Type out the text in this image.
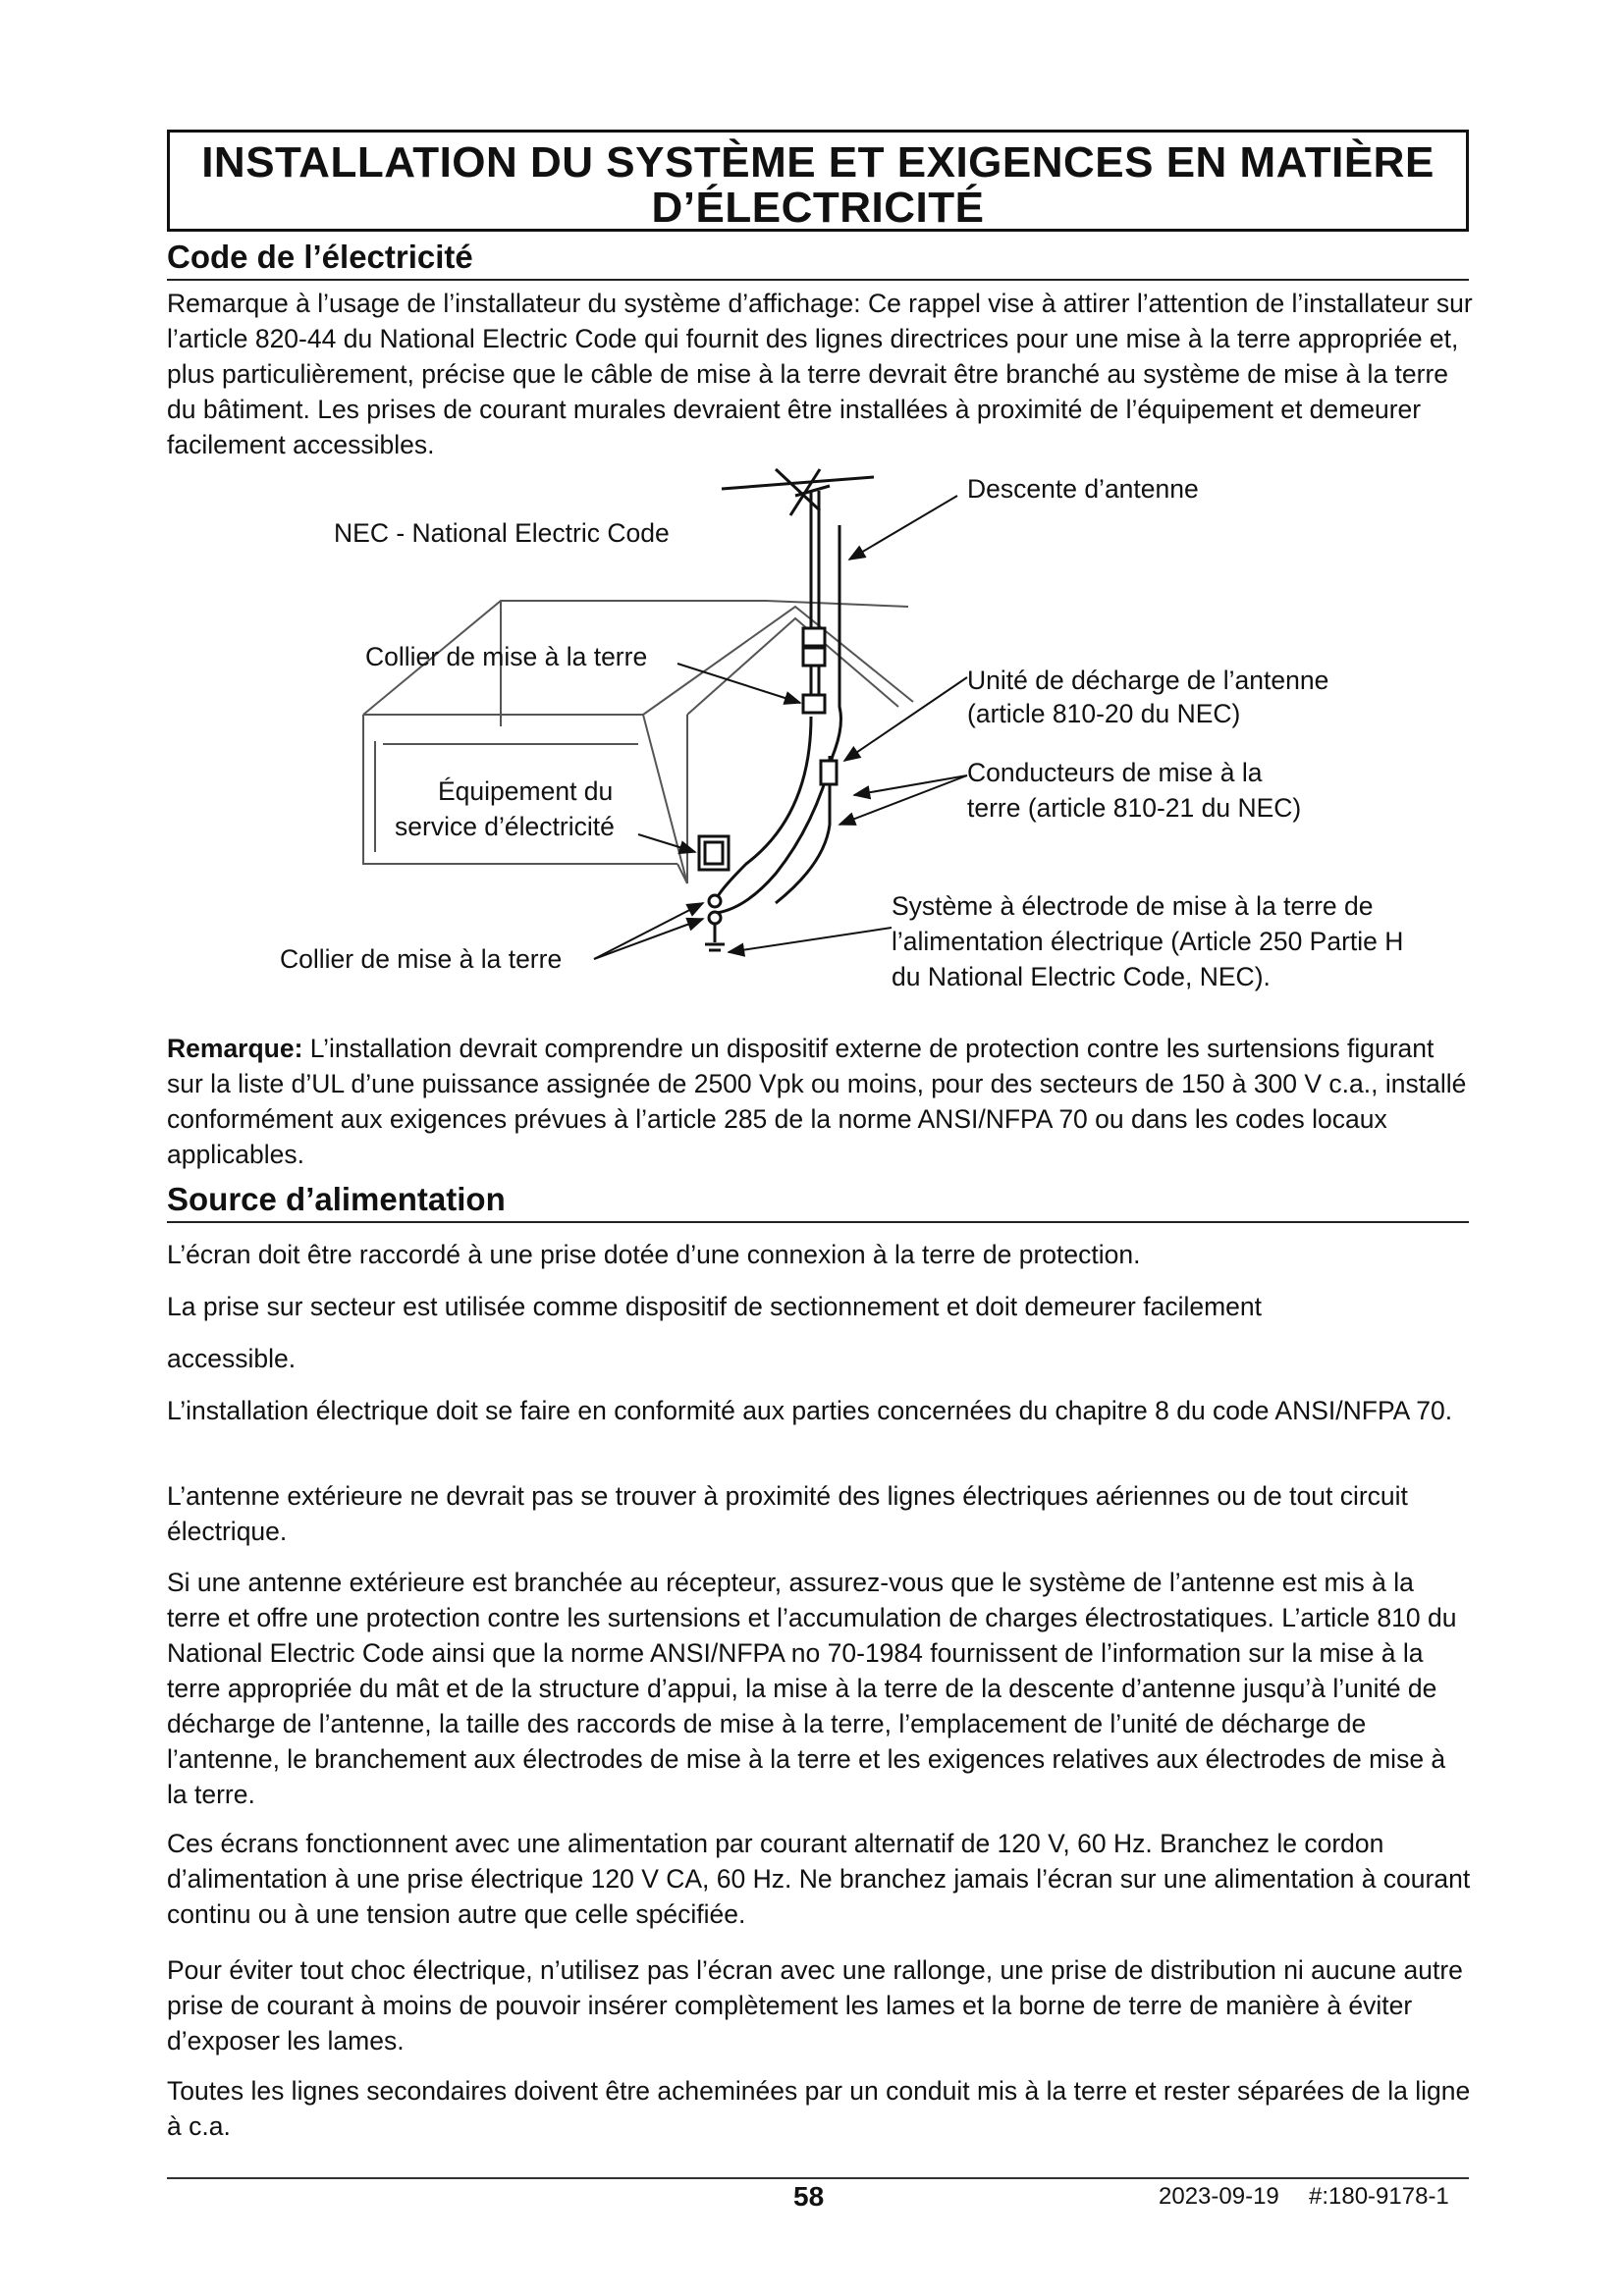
INSTALLATION DU SYSTÈME ET EXIGENCES EN MATIÈRE
D’ÉLECTRICITÉ
Code de l’électricité
Remarque à l’usage de l’installateur du système d’affichage: Ce rappel vise à attirer l’attention de l’installateur sur l’article 820-44 du National Electric Code qui fournit des lignes directrices pour une mise à la terre appropriée et, plus particulièrement, précise que le câble de mise à la terre devrait être branché au système de mise à la terre du bâtiment. Les prises de courant murales devraient être installées à proximité de l’équipement et demeurer facilement accessibles.
Descente d’antenne
NEC - National Electric Code
Collier de mise à la terre
Unité de décharge de l’antenne
(article 810-20 du NEC)
Équipement du
service d’électricité
Conducteurs de mise à la
terre (article 810-21 du NEC)
Système à électrode de mise à la terre de
l’alimentation électrique (Article 250 Partie H
du National Electric Code, NEC).
Collier de mise à la terre
Remarque: L’installation devrait comprendre un dispositif externe de protection contre les surtensions figurant sur la liste d’UL d’une puissance assignée de 2500 Vpk ou moins, pour des secteurs de 150 à 300 V c.a., installé conformément aux exigences prévues à l’article 285 de la norme ANSI/NFPA 70 ou dans les codes locaux applicables.
Source d’alimentation
L’écran doit être raccordé à une prise dotée d’une connexion à la terre de protection.
La prise sur secteur est utilisée comme dispositif de sectionnement et doit demeurer facilement
accessible.
L’installation électrique doit se faire en conformité aux parties concernées du chapitre 8 du code ANSI/NFPA 70.
L’antenne extérieure ne devrait pas se trouver à proximité des lignes électriques aériennes ou de tout circuit électrique.
Si une antenne extérieure est branchée au récepteur, assurez-vous que le système de l’antenne est mis à la terre et offre une protection contre les surtensions et l’accumulation de charges électrostatiques. L’article 810 du National Electric Code ainsi que la norme ANSI/NFPA no 70-1984 fournissent de l’information sur la mise à la terre appropriée du mât et de la structure d’appui, la mise à la terre de la descente d’antenne jusqu’à l’unité de décharge de l’antenne, la taille des raccords de mise à la terre, l’emplacement de l’unité de décharge de l’antenne, le branchement aux électrodes de mise à la terre et les exigences relatives aux électrodes de mise à la terre.
Ces écrans fonctionnent avec une alimentation par courant alternatif de 120 V, 60 Hz. Branchez le cordon d’alimentation à une prise électrique 120 V CA, 60 Hz. Ne branchez jamais l’écran sur une alimentation à courant continu ou à une tension autre que celle spécifiée.
Pour éviter tout choc électrique, n’utilisez pas l’écran avec une rallonge, une prise de distribution ni aucune autre prise de courant à moins de pouvoir insérer complètement les lames et la borne de terre de manière à éviter d’exposer les lames.
Toutes les lignes secondaires doivent être acheminées par un conduit mis à la terre et rester séparées de la ligne à c.a.
58	2023-09-19 #:180-9178-1
